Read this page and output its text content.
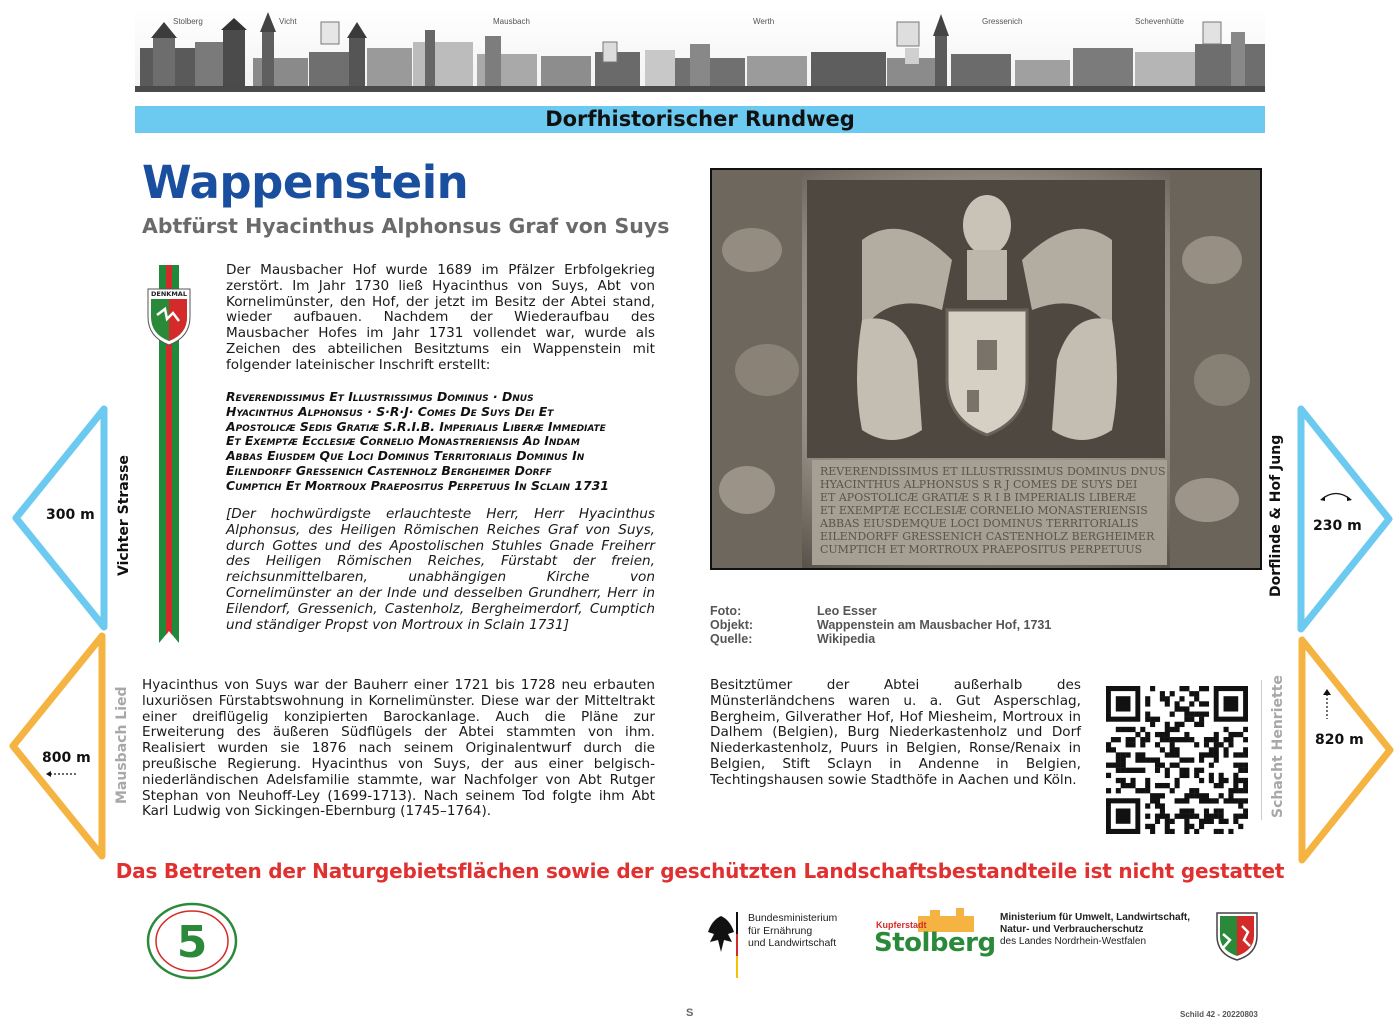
Stolberg	Vicht	Mausbach	Werth	Gressenich	Schevenhütte
Dorfhistorischer Rundweg
Wappenstein
Abtfürst Hyacinthus Alphonsus Graf von Suys
DENKMAL

Der Mausbacher Hof wurde 1689 im Pfälzer Erbfolgekrieg zerstört. Im Jahr 1730 ließ Hyacinthus von Suys, Abt von Kornelimünster, den Hof, der jetzt im Besitz der Abtei stand, wieder aufbauen. Nachdem der Wiederaufbau des Mausbacher Hofes im Jahr 1731 vollendet war, wurde als Zeichen des abteilichen Besitztums ein Wappenstein mit folgender lateinischer Inschrift erstellt:

Reverendissimus Et Illustrissimus Dominus · Dnus
Hyacinthus Alphonsus · S·R·J· Comes De Suys Dei Et
Apostolicæ Sedis Gratiæ S.R.I.B. Imperialis Liberæ Immediate
Et Exemptæ Ecclesiæ Cornelio Monastreriensis Ad Indam
Abbas Eiusdem Que Loci Dominus Territorialis Dominus In
Eilendorff Gressenich Castenholz Bergheimer Dorff
Cumptich Et Mortroux Praepositus Perpetuus In Sclain 1731

[Der hochwürdigste erlauchteste Herr, Herr Hyacinthus Alphonsus, des Heiligen Römischen Reiches Graf von Suys, durch Gottes und des Apostolischen Stuhles Gnade Freiherr des Heiligen Römischen Reiches, Fürstabt der freien, reichsunmittelbaren, unabhängigen Kirche von Cornelimünster an der Inde und desselben Grundherr, Herr in Eilendorf, Gressenich, Castenholz, Bergheimerdorf, Cumptich und ständiger Propst von Mortroux in Sclain 1731]

Hyacinthus von Suys war der Bauherr einer 1721 bis 1728 neu erbauten luxuriösen Fürstabtswohnung in Kornelimünster. Diese war der Mitteltrakt einer dreiflügelig konzipierten Barockanlage. Auch die Pläne zur Erweiterung des äußeren Südflügels der Abtei stammten von ihm. Realisiert wurden sie 1876 nach seinem Originalentwurf durch die preußische Regierung. Hyacinthus von Suys, der aus einer belgisch-niederländischen Adelsfamilie stammte, war Nachfolger von Abt Rutger Stephan von Neuhoff-Ley (1699-1713). Nach seinem Tod folgte ihm Abt Karl Ludwig von Sickingen-Ebernburg (1745–1764).

Besitztümer der Abtei außerhalb des Münsterländchens waren u. a. Gut Asperschlag, Bergheim, Gilverather Hof, Hof Miesheim, Mortroux in Dalhem (Belgien), Burg Niederkastenholz und Dorf Niederkastenholz, Puurs in Belgien, Ronse/Renaix in Belgien, Stift Sclayn in Andenne in Belgien, Techtingshausen sowie Stadthöfe in Aachen und Köln.

REVERENDISSIMUS ET ILLUSTRISSIMUS DOMINUS DNUS
HYACINTHUS ALPHONSUS S R J COMES DE SUYS DEI
ET APOSTOLICÆ GRATIÆ S R I B IMPERIALIS LIBERÆ
ET EXEMPTÆ ECCLESIÆ CORNELIO MONASTERIENSIS
ABBAS EIUSDEMQUE LOCI DOMINUS TERRITORIALIS
EILENDORFF GRESSENICH CASTENHOLZ BERGHEIMER
CUMPTICH ET MORTROUX PRAEPOSITUS PERPETUUS
Foto:	Leo Esser
Objekt:	Wappenstein am Mausbacher Hof, 1731
Quelle:	Wikipedia
300 m Vichter Strasse
800 m Mausbach Lied
230 m
Dorflinde & Hof Jung
820 m
Schacht Henriette
Das Betreten der Naturgebietsflächen sowie der geschützten Landschaftsbestandteile ist nicht gestattet
5	Bundesministerium
für Ernährung
und Landwirtschaft
Kupferstadt
Stolberg
Ministerium für Umwelt, Landwirtschaft,
Natur- und Verbraucherschutz
des Landes Nordrhein-Westfalen
S	Schild 42 - 20220803
